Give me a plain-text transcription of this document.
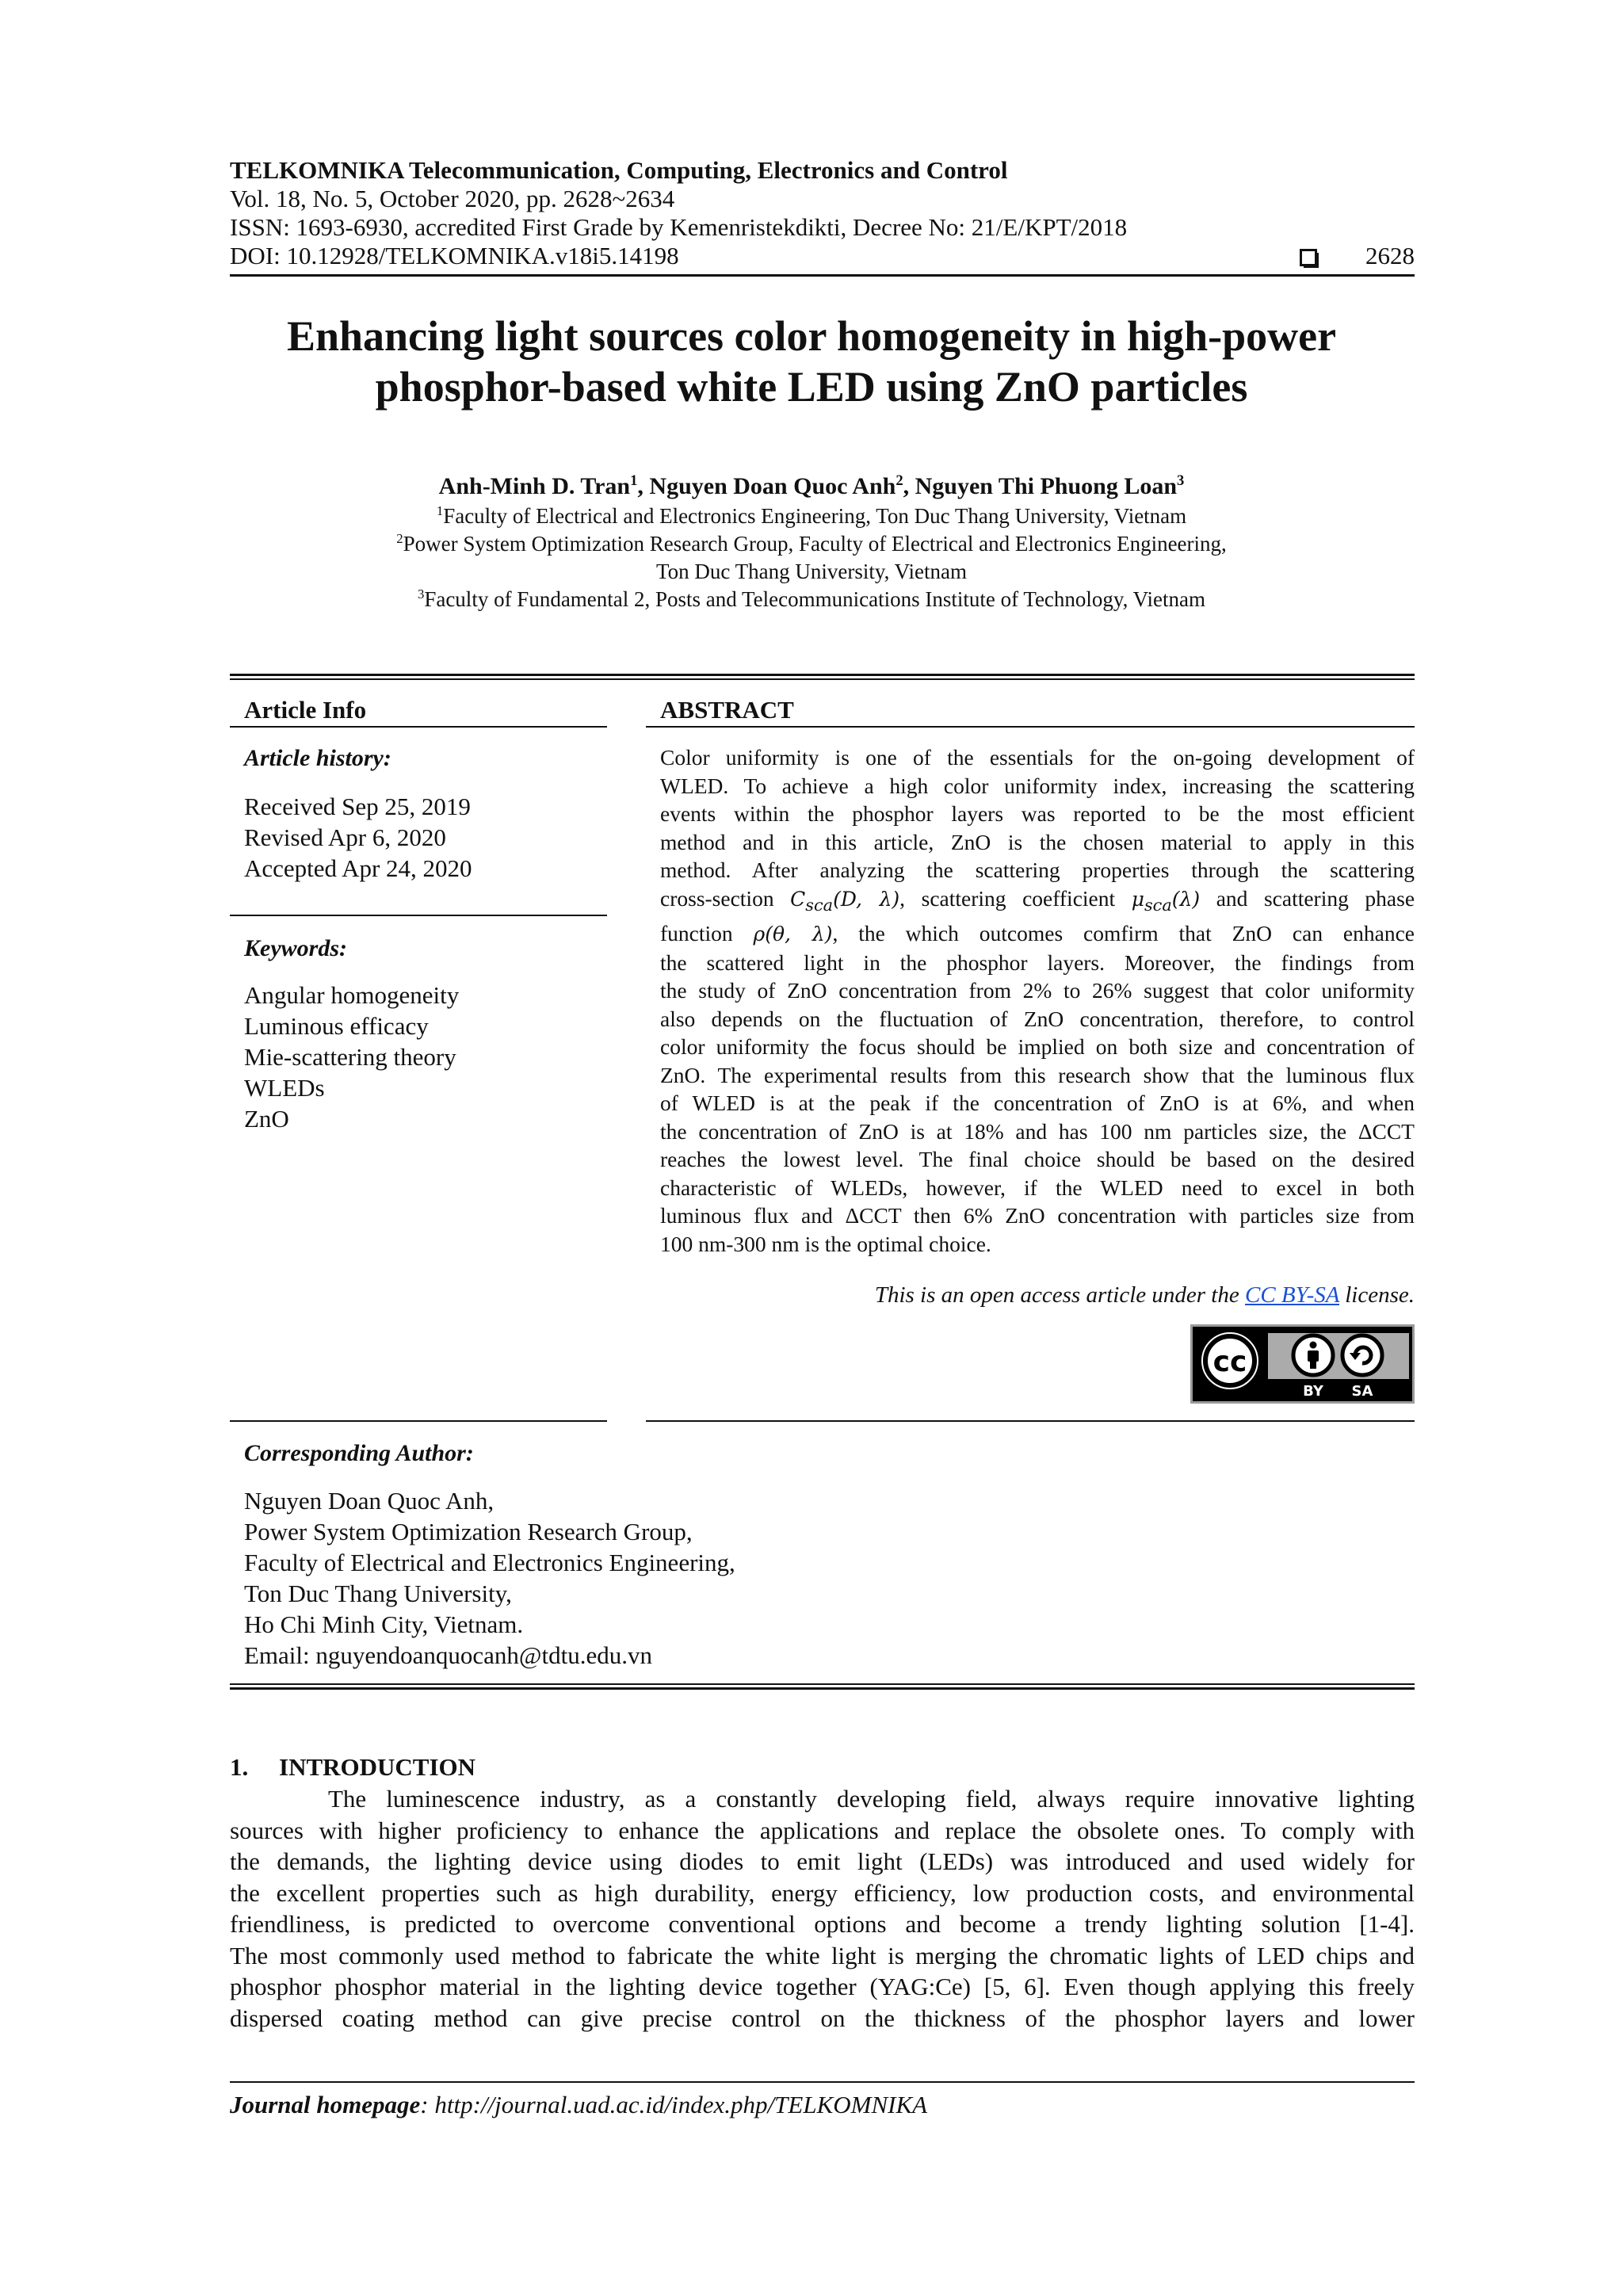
TELKOMNIKA Telecommunication, Computing, Electronics and Control
Vol. 18, No. 5, October 2020, pp. 2628~2634
ISSN: 1693-6930, accredited First Grade by Kemenristekdikti, Decree No: 21/E/KPT/2018
DOI: 10.12928/TELKOMNIKA.v18i5.14198	2628
Enhancing light sources color homogeneity in high-power
phosphor-based white LED using ZnO particles
Anh-Minh D. Tran$^1$, Nguyen Doan Quoc Anh$^2$, Nguyen Thi Phuong Loan$^3$
$^1$Faculty of Electrical and Electronics Engineering, Ton Duc Thang University, Vietnam
$^2$Power System Optimization Research Group, Faculty of Electrical and Electronics Engineering,
Ton Duc Thang University, Vietnam
$^3$Faculty of Fundamental 2, Posts and Telecommunications Institute of Technology, Vietnam
Article Info
Article history:
Received Sep 25, 2019
Revised Apr 6, 2020
Accepted Apr 24, 2020
Keywords:
Angular homogeneity
Luminous efficacy
Mie-scattering theory
WLEDs
ZnO
ABSTRACT
Color uniformity is one of the essentials for the on-going development of
WLED. To achieve a high color uniformity index, increasing the scattering
events within the phosphor layers was reported to be the most efficient
method and in this article, ZnO is the chosen material to apply in this
method. After analyzing the scattering properties through the scattering
cross-section $C_{sca}(D$, λ), scattering coefficient $\mu_{sca}(\lambda)$ and scattering phase
function ρ(θ, λ), the which outcomes comfirm that ZnO can enhance
the scattered light in the phosphor layers. Moreover, the findings from
the study of ZnO concentration from 2% to 26% suggest that color uniformity
also depends on the fluctuation of ZnO concentration, therefore, to control
color uniformity the focus should be implied on both size and concentration of
ZnO. The experimental results from this research show that the luminous flux
of WLED is at the peak if the concentration of ZnO is at 6%, and when
the concentration of ZnO is at 18% and has 100 nm particles size, the ΔCCT
reaches the lowest level. The final choice should be based on the desired
characteristic of WLEDs, however, if the WLED need to excel in both
luminous flux and ΔCCT then 6% ZnO concentration with particles size from
100 nm-300 nm is the optimal choice.
This is an open access article under the CC BY-SA license.
cc
BY SA
Corresponding Author:
Nguyen Doan Quoc Anh,
Power System Optimization Research Group,
Faculty of Electrical and Electronics Engineering,
Ton Duc Thang University,
Ho Chi Minh City, Vietnam.
Email: nguyendoanquocanh@tdtu.edu.vn
1.     INTRODUCTION
The luminescence industry, as a constantly developing field, always require innovative lighting
sources with higher proficiency to enhance the applications and replace the obsolete ones. To comply with
the demands, the lighting device using diodes to emit light (LEDs) was introduced and used widely for
the excellent properties such as high durability, energy efficiency, low production costs, and environmental
friendliness, is predicted to overcome conventional options and become a trendy lighting solution [1-4].
The most commonly used method to fabricate the white light is merging the chromatic lights of LED chips and
phosphor phosphor material in the lighting device together (YAG:Ce) [5, 6]. Even though applying this freely
dispersed coating method can give precise control on the thickness of the phosphor layers and lower
Journal homepage: http://journal.uad.ac.id/index.php/TELKOMNIKA
